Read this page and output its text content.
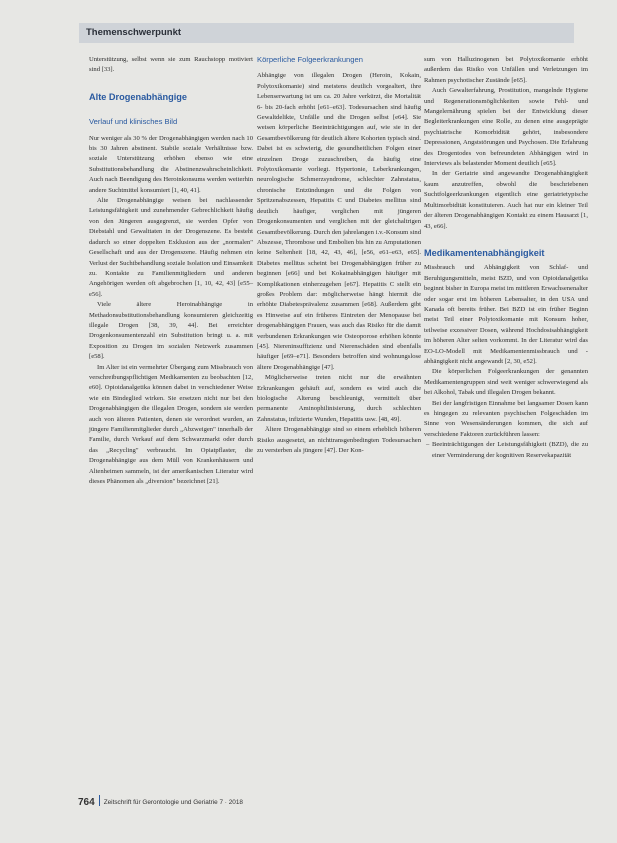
Themenschwerpunkt

Unterstützung, selbst wenn sie zum Rauchstopp motiviert sind [33].

Alte Drogenabhängige
Verlauf und klinisches Bild

Nur weniger als 30 % der Drogenabhängigen werden nach 10 bis 30 Jahren abstinent. Stabile soziale Verhältnisse bzw. soziale Unterstützung erhöhen ebenso wie eine Substitutionsbehandlung die Abstinenzwahrscheinlichkeit. Auch nach Beendigung des Heroinkonsums werden weiterhin andere Suchtmittel konsumiert [1, 40, 41].

Alte Drogenabhängige weisen bei nachlassender Leistungsfähigkeit und zunehmender Gebrechlichkeit häufig von den Jüngeren ausgegrenzt, sie werden Opfer von Diebstahl und Gewalttaten in der Drogenszene. Es besteht dadurch so einer doppelten Exklusion aus der „normalen" Gesellschaft und aus der Drogenszene. Häufig nehmen ein Verlust der Suchtbehandlung soziale Isolation und Einsamkeit zu. Kontakte zu Familienmitgliedern und anderen Angehörigen werden oft abgebrochen [1, 10, 42, 43] [e55–e56].

Viele ältere Heroinabhängige in Methadonsubstitutionsbehandlung konsumieren gleichzeitig illegale Drogen [38, 39, 44]. Bei erreichter Drogenkonsumentenzahl ein Substitution bringt u. a. mit Exposition zu Drogen im sozialen Netzwerk zusammen [e58].

Im Alter ist ein vermehrter Übergang zum Missbrauch von verschreibungspflichtigen Medikamenten zu beobachten [12, e60]. Opioidanalgetika können dabei in verschiedener Weise wie ein Bindeglied wirken. Sie ersetzen nicht nur bei den Drogenabhängigen die illegalen Drogen, sondern sie werden auch von älteren Patienten, denen sie verordnet wurden, an jüngere Familienmitglieder durch „Abzweigen" innerhalb der Familie, durch Verkauf auf dem Schwarzmarkt oder durch das „Recycling" verbraucht. Im Opiatpflaster, die Drogenabhängige aus dem Müll von Krankenhäusern und Altenheimen sammeln, ist der amerikanischen Literatur wird dieses Phänomen als „diversion" bezeichnet [21].

Körperliche Folgeerkrankungen

Abhängige von illegalen Drogen (Heroin, Kokain, Polytoxikomanie) sind meistens deutlich vorgealtert, ihre Lebenserwartung ist um ca. 20 Jahre verkürzt, die Mortalität 6- bis 20-fach erhöht [e61–e63]. Todesursachen sind häufig Gewaltdelikte, Unfälle und die Drogen selbst [e64]. Sie weisen körperliche Beeinträchtigungen auf, wie sie in der Gesamtbevölkerung für deutlich ältere Kohorten typisch sind. Dabei ist es schwierig, die gesundheitlichen Folgen einer einzelnen Droge zuzuschreiben, da häufig eine Polytoxikomanie vorliegt. Hypertonie, Leberkrankungen, neurologische Schmerzsyndrome, schlechter Zahnstatus, chronische Entzündungen und die Folgen von Spritzenabszessen, Hepatitis C und Diabetes mellitus sind deutlich häufiger, verglichen mit jüngeren Drogenkonsumenten und verglichen mit der gleichaltrigen Gesamtbevölkerung. Durch den jahrelangen i.v.-Konsum sind Abszesse, Thrombose und Embolien bis hin zu Amputationen keine Seltenheit [18, 42, 43, 46], [e56, e61–e63, e65]. Diabetes mellitus scheint bei Drogenabhängigen früher zu beginnen [e66] und bei Kokainabhängigen häufiger mit Komplikationen einherzugehen [e67]. Hepatitis C stellt ein großes Problem dar: möglicherweise hängt hiermit die erhöhte Diabetesprävalenz zusammen [e68]. Außerdem gibt es Hinweise auf ein früheres Eintreten der Menopause bei drogenabhängigen Frauen, was auch das Risiko für die damit verbundenen Erkrankungen wie Osteoporose erhöhen könnte [45]. Niereninsuffizienz und Nierenschäden sind ebenfalls häufiger [e69–e71]. Besonders betroffen sind wohnungslose ältere Drogenabhängige [47].

Möglicherweise treten nicht nur die erwähnten Erkrankungen gehäuft auf, sondern es wird auch die biologische Alterung beschleunigt, vermittelt über permanente Aminophilinisierung, durch schlechten Zahnstatus, infizierte Wunden, Hepatitis usw. [48, 49].

Ältere Drogenabhängige sind so einem erheblich höheren Risiko ausgesetzt, an nichttransgenbedingten Todesursachen zu versterben als jüngere [47]. Der Kon-

sum von Halluzinogenen bei Polytoxikomanie erhöht außerdem das Risiko von Unfällen und Verletzungen im Rahmen psychotischer Zustände [e65].

Auch Gewalterfahrung, Prostitution, mangelnde Hygiene und Regenerationsmöglichkeiten sowie Fehl- und Mangelernährung spielen bei der Entwicklung dieser Begleiterkrankungen eine Rolle, zu denen eine ausgeprägte psychiatrische Komorbidität gehört, insbesondere Depressionen, Angststörungen und Psychosen. Die Erfahrung des Drogentodes von befreundeten Abhängigen wird in Interviews als belastender Moment deutlich [e65].

In der Geriatrie sind angewandte Drogenabhängigkeit kaum anzutreffen, obwohl die beschriebenen Suchtfolgeerkrankungen eigentlich eine geriatrietypische Multimorbidität konstituieren. Auch hat nur ein kleiner Teil der älteren Drogenabhängigen Kontakt zu einem Hausarzt [1, 43, e66].

Medikamentenabhängigkeit

Missbrauch und Abhängigkeit von Schlaf- und Beruhigungsmitteln, meist BZD, und von Opioidanalgetika beginnt bisher in Europa meist im mittleren Erwachsenenalter oder sogar erst im höheren Lebensalter, in den USA und Kanada oft bereits früher. Bei BZD ist ein früher Beginn meist Teil einer Polytoxikomanie mit Konsum hoher, teilweise exzessiver Dosen, während Hochdosisabhängigkeit im höheren Alter selten vorkommt. In der Literatur wird das EO-LO-Modell mit Medikamentenmissbrauch und -abhängigkeit nicht angewandt [2, 30, e52].

Die körperlichen Folgeerkrankungen der genannten Medikamentengruppen sind weit weniger schwerwiegend als bei Alkohol, Tabak und illegalen Drogen bekannt.

Bei der langfristigen Einnahme bei langsamer Dosen kann es hingegen zu relevanten psychischen Folgeschäden im Sinne von Wesensänderungen kommen, die sich auf verschiedene Faktoren zurückführen lassen:

– Beeinträchtigungen der Leistungsfähigkeit (BZD), die zu einer Verminderung der kognitiven Reservekapazität

764 Zeitschrift für Gerontologie und Geriatrie 7 · 2018
